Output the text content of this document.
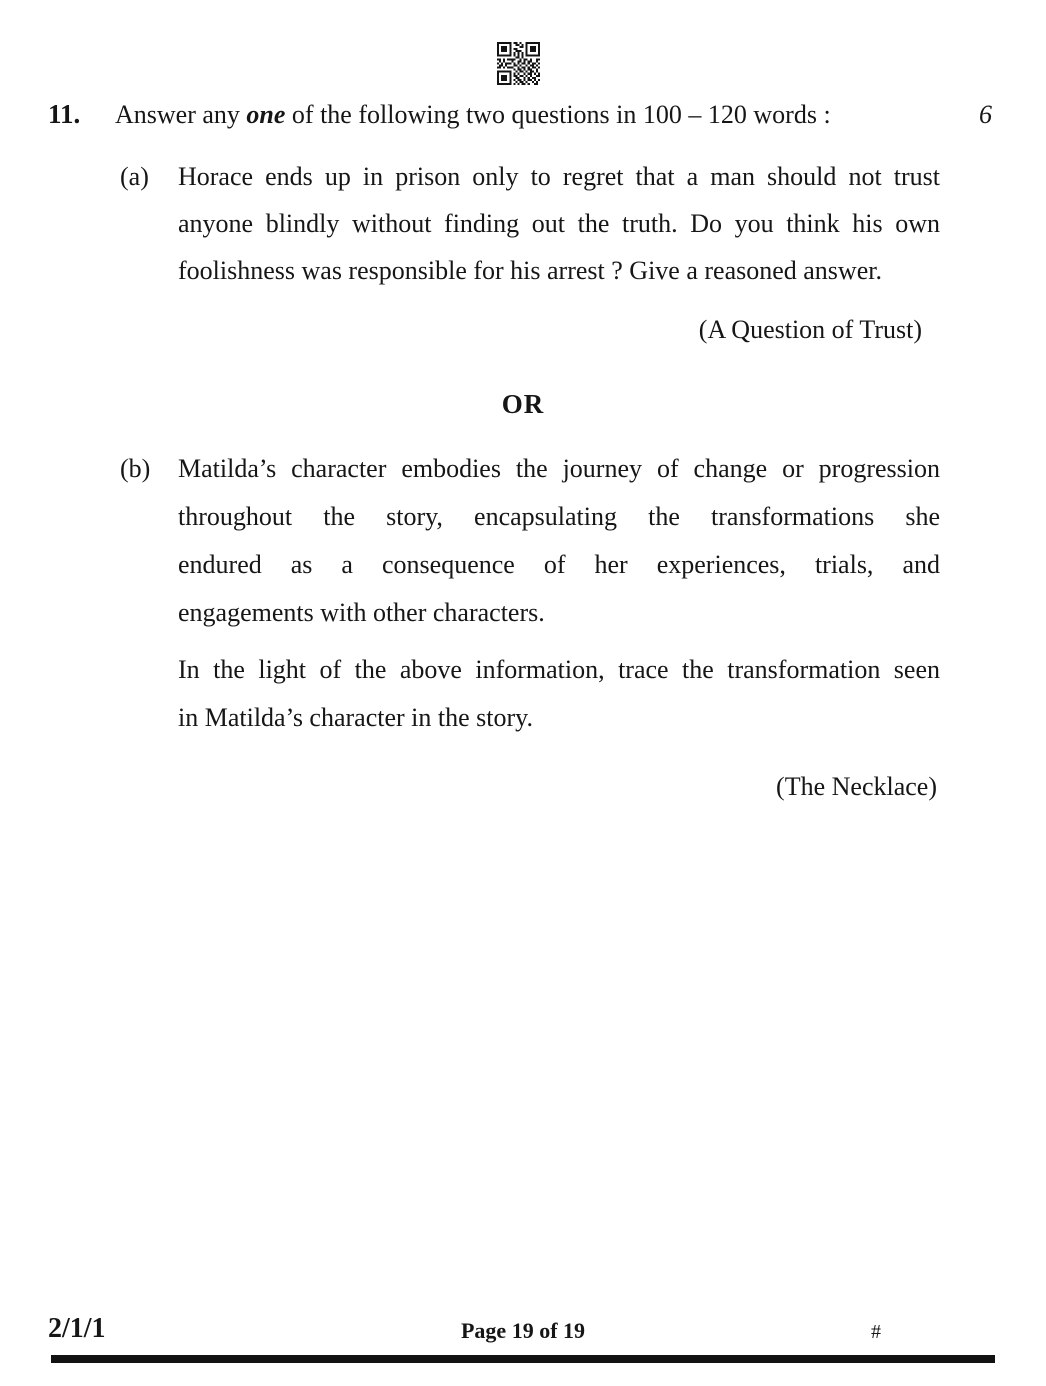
11. Answer any one of the following two questions in 100 – 120 words :	6
(a) Horace ends up in prison only to regret that a man should not trust
anyone blindly without finding out the truth. Do you think his own
foolishness was responsible for his arrest ? Give a reasoned answer.
(A Question of Trust)
OR
(b) Matilda’s character embodies the journey of change or progression
throughout the story, encapsulating the transformations she
endured as a consequence of her experiences, trials, and
engagements with other characters.
In the light of the above information, trace the transformation seen
in Matilda’s character in the story.
(The Necklace)
2/1/1	Page 19 of 19	#
